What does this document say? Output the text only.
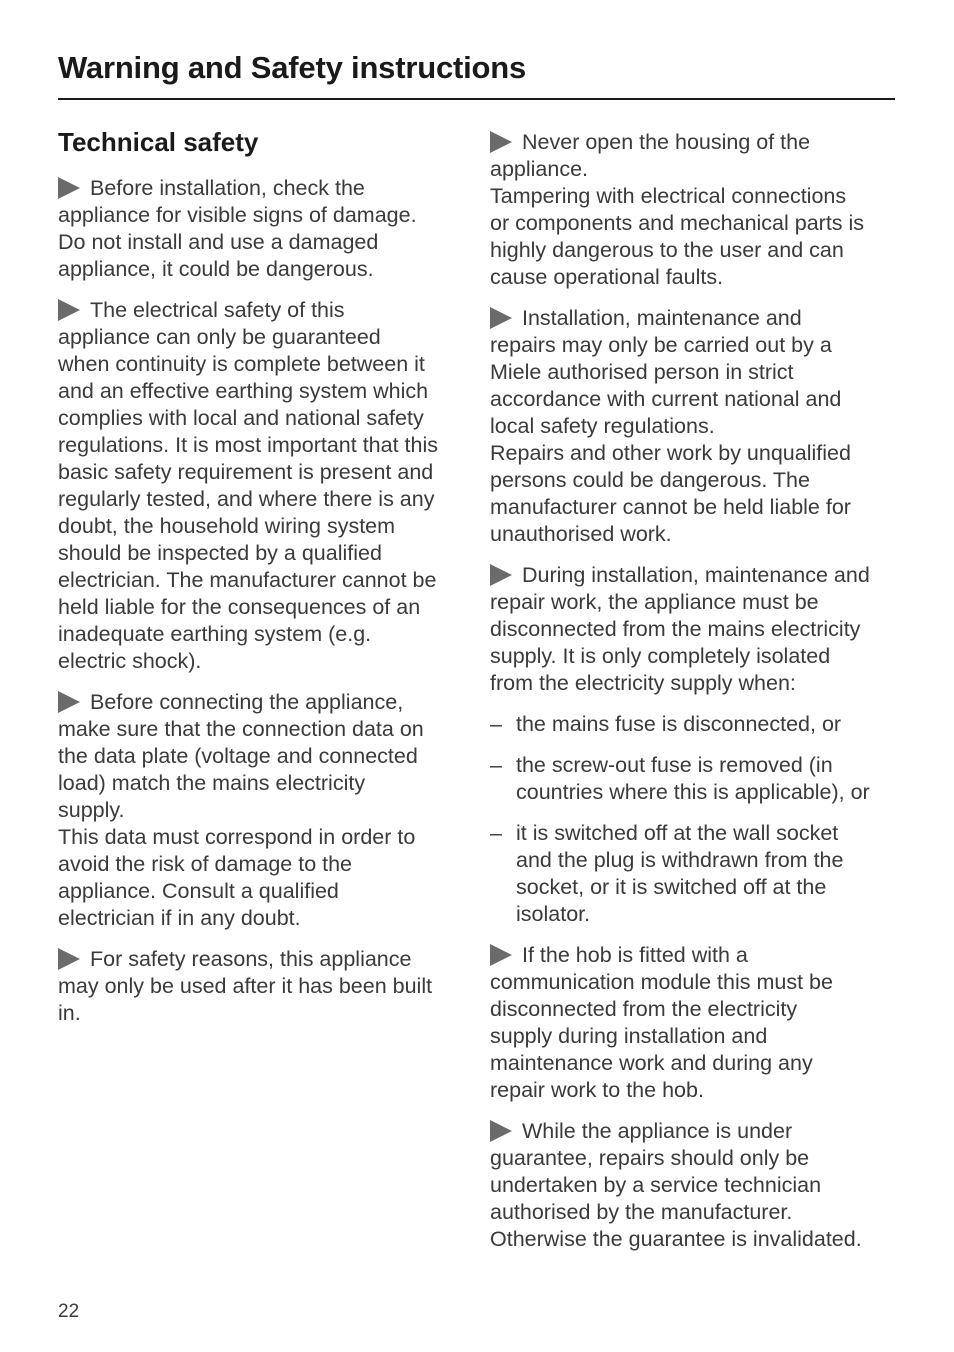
Warning and Safety instructions
Technical safety
Before installation, check the
appliance for visible signs of damage.
Do not install and use a damaged
appliance, it could be dangerous.
The electrical safety of this
appliance can only be guaranteed
when continuity is complete between it
and an effective earthing system which
complies with local and national safety
regulations. It is most important that this
basic safety requirement is present and
regularly tested, and where there is any
doubt, the household wiring system
should be inspected by a qualified
electrician. The manufacturer cannot be
held liable for the consequences of an
inadequate earthing system (e.g.
electric shock).
Before connecting the appliance,
make sure that the connection data on
the data plate (voltage and connected
load) match the mains electricity
supply.
This data must correspond in order to
avoid the risk of damage to the
appliance. Consult a qualified
electrician if in any doubt.
For safety reasons, this appliance
may only be used after it has been built
in.
Never open the housing of the
appliance.
Tampering with electrical connections
or components and mechanical parts is
highly dangerous to the user and can
cause operational faults.
Installation, maintenance and
repairs may only be carried out by a
Miele authorised person in strict
accordance with current national and
local safety regulations.
Repairs and other work by unqualified
persons could be dangerous. The
manufacturer cannot be held liable for
unauthorised work.
During installation, maintenance and
repair work, the appliance must be
disconnected from the mains electricity
supply. It is only completely isolated
from the electricity supply when:
– the mains fuse is disconnected, or
– the screw-out fuse is removed (in
countries where this is applicable), or
– it is switched off at the wall socket
and the plug is withdrawn from the
socket, or it is switched off at the
isolator.
If the hob is fitted with a
communication module this must be
disconnected from the electricity
supply during installation and
maintenance work and during any
repair work to the hob.
While the appliance is under
guarantee, repairs should only be
undertaken by a service technician
authorised by the manufacturer.
Otherwise the guarantee is invalidated.
22
